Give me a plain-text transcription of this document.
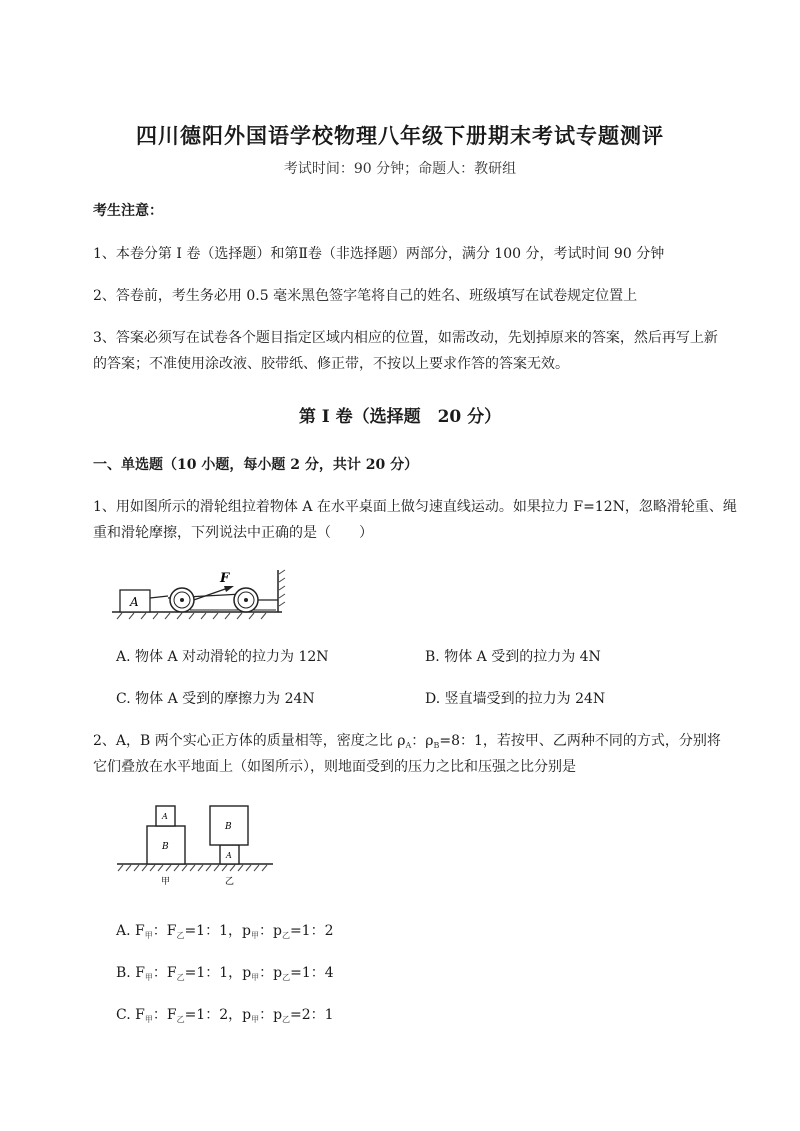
四川德阳外国语学校物理八年级下册期末考试专题测评
考试时间：90 分钟；命题人：教研组
考生注意：
1、本卷分第 I 卷（选择题）和第Ⅱ卷（非选择题）两部分，满分 100 分，考试时间 90 分钟
2、答卷前，考生务必用 0.5 毫米黑色签字笔将自己的姓名、班级填写在试卷规定位置上
3、答案必须写在试卷各个题目指定区域内相应的位置，如需改动，先划掉原来的答案，然后再写上新
的答案；不准使用涂改液、胶带纸、修正带，不按以上要求作答的答案无效。
第 I 卷（选择题　20 分）
一、单选题（10 小题，每小题 2 分，共计 20 分）
1、用如图所示的滑轮组拉着物体 A 在水平桌面上做匀速直线运动。如果拉力 F=12N，忽略滑轮重、绳
重和滑轮摩擦，下列说法中正确的是（　　）
A
F
A. 物体 A 对动滑轮的拉力为 12N	B. 物体 A 受到的拉力为 4N
C. 物体 A 受到的摩擦力为 24N	D. 竖直墙受到的拉力为 24N
2、A，B 两个实心正方体的质量相等，密度之比 $\rho_A$：$\rho_B=8$：1，若按甲、乙两种不同的方式，分别将
它们叠放在水平地面上（如图所示），则地面受到的压力之比和压强之比分别是
B
A
A
B
甲	乙
A. $F_甲$：$F_乙=1$：1，$p_甲$：$p_乙=1$：2
B. $F_甲$：$F_乙=1$：1，$p_甲$：$p_乙=1$：4
C. $F_甲$：$F_乙=1$：2，$p_甲$：$p_乙=2$：1
